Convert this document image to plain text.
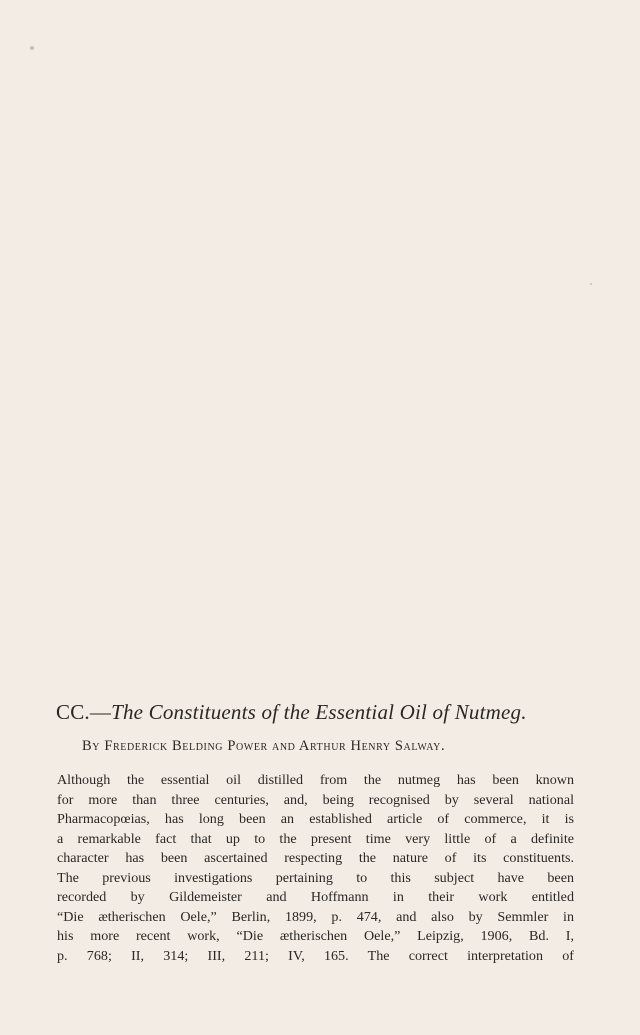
CC.—The Constituents of the Essential Oil of Nutmeg.
By Frederick Belding Power and Arthur Henry Salway.
Although the essential oil distilled from the nutmeg has been known
for more than three centuries, and, being recognised by several national
Pharmacopœias, has long been an established article of commerce, it is
a remarkable fact that up to the present time very little of a definite
character has been ascertained respecting the nature of its constituents.
The previous investigations pertaining to this subject have been
recorded by Gildemeister and Hoffmann in their work entitled
“Die ætherischen Oele,” Berlin, 1899, p. 474, and also by Semmler in
his more recent work, “Die ætherischen Oele,” Leipzig, 1906, Bd. I,
p. 768; II, 314; III, 211; IV, 165. The correct interpretation of
